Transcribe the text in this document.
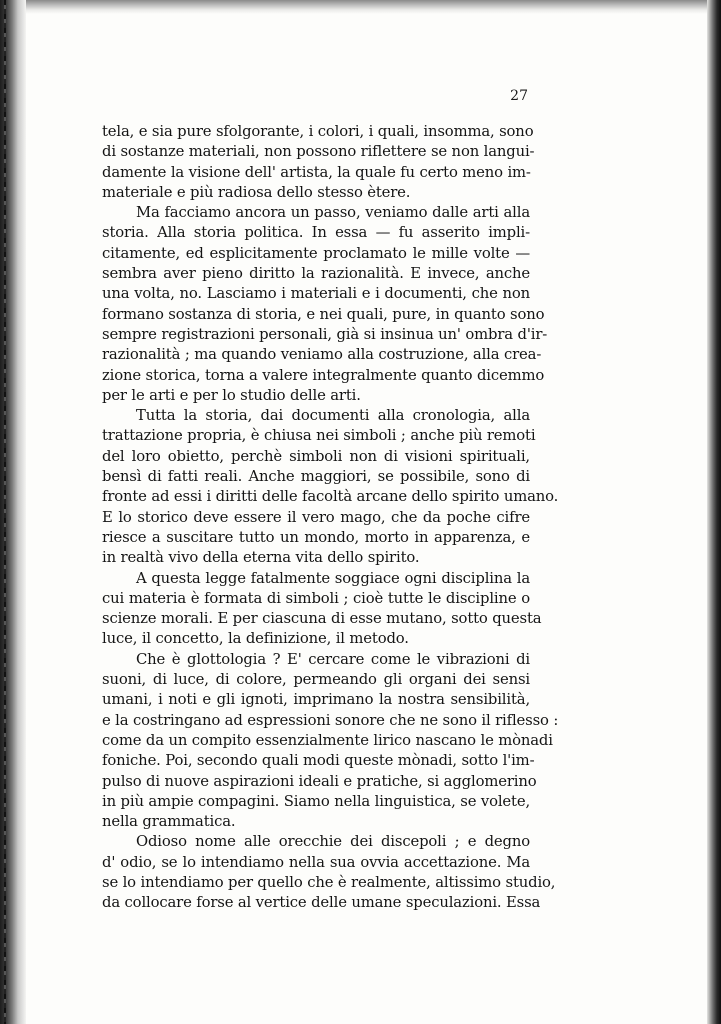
27
tela, e sia pure sfolgorante, i colori, i quali, insomma, sono
di sostanze materiali, non possono riflettere se non langui-
damente la visione dell' artista, la quale fu certo meno im-
materiale e più radiosa dello stesso ètere.
Ma facciamo ancora un passo, veniamo dalle arti alla
storia. Alla storia politica. In essa — fu asserito impli-
citamente, ed esplicitamente proclamato le mille volte —
sembra aver pieno diritto la razionalità. E invece, anche
una volta, no. Lasciamo i materiali e i documenti, che non
formano sostanza di storia, e nei quali, pure, in quanto sono
sempre registrazioni personali, già si insinua un' ombra d'ir-
razionalità ; ma quando veniamo alla costruzione, alla crea-
zione storica, torna a valere integralmente quanto dicemmo
per le arti e per lo studio delle arti.
Tutta la storia, dai documenti alla cronologia, alla
trattazione propria, è chiusa nei simboli ; anche più remoti
del loro obietto, perchè simboli non di visioni spirituali,
bensì di fatti reali. Anche maggiori, se possibile, sono di
fronte ad essi i diritti delle facoltà arcane dello spirito umano.
E lo storico deve essere il vero mago, che da poche cifre
riesce a suscitare tutto un mondo, morto in apparenza, e
in realtà vivo della eterna vita dello spirito.
A questa legge fatalmente soggiace ogni disciplina la
cui materia è formata di simboli ; cioè tutte le discipline o
scienze morali. E per ciascuna di esse mutano, sotto questa
luce, il concetto, la definizione, il metodo.
Che è glottologia ? E' cercare come le vibrazioni di
suoni, di luce, di colore, permeando gli organi dei sensi
umani, i noti e gli ignoti, imprimano la nostra sensibilità,
e la costringano ad espressioni sonore che ne sono il riflesso :
come da un compito essenzialmente lirico nascano le mònadi
foniche. Poi, secondo quali modi queste mònadi, sotto l'im-
pulso di nuove aspirazioni ideali e pratiche, si agglomerino
in più ampie compagini. Siamo nella linguistica, se volete,
nella grammatica.
Odioso nome alle orecchie dei discepoli ; e degno
d' odio, se lo intendiamo nella sua ovvia accettazione. Ma
se lo intendiamo per quello che è realmente, altissimo studio,
da collocare forse al vertice delle umane speculazioni. Essa
